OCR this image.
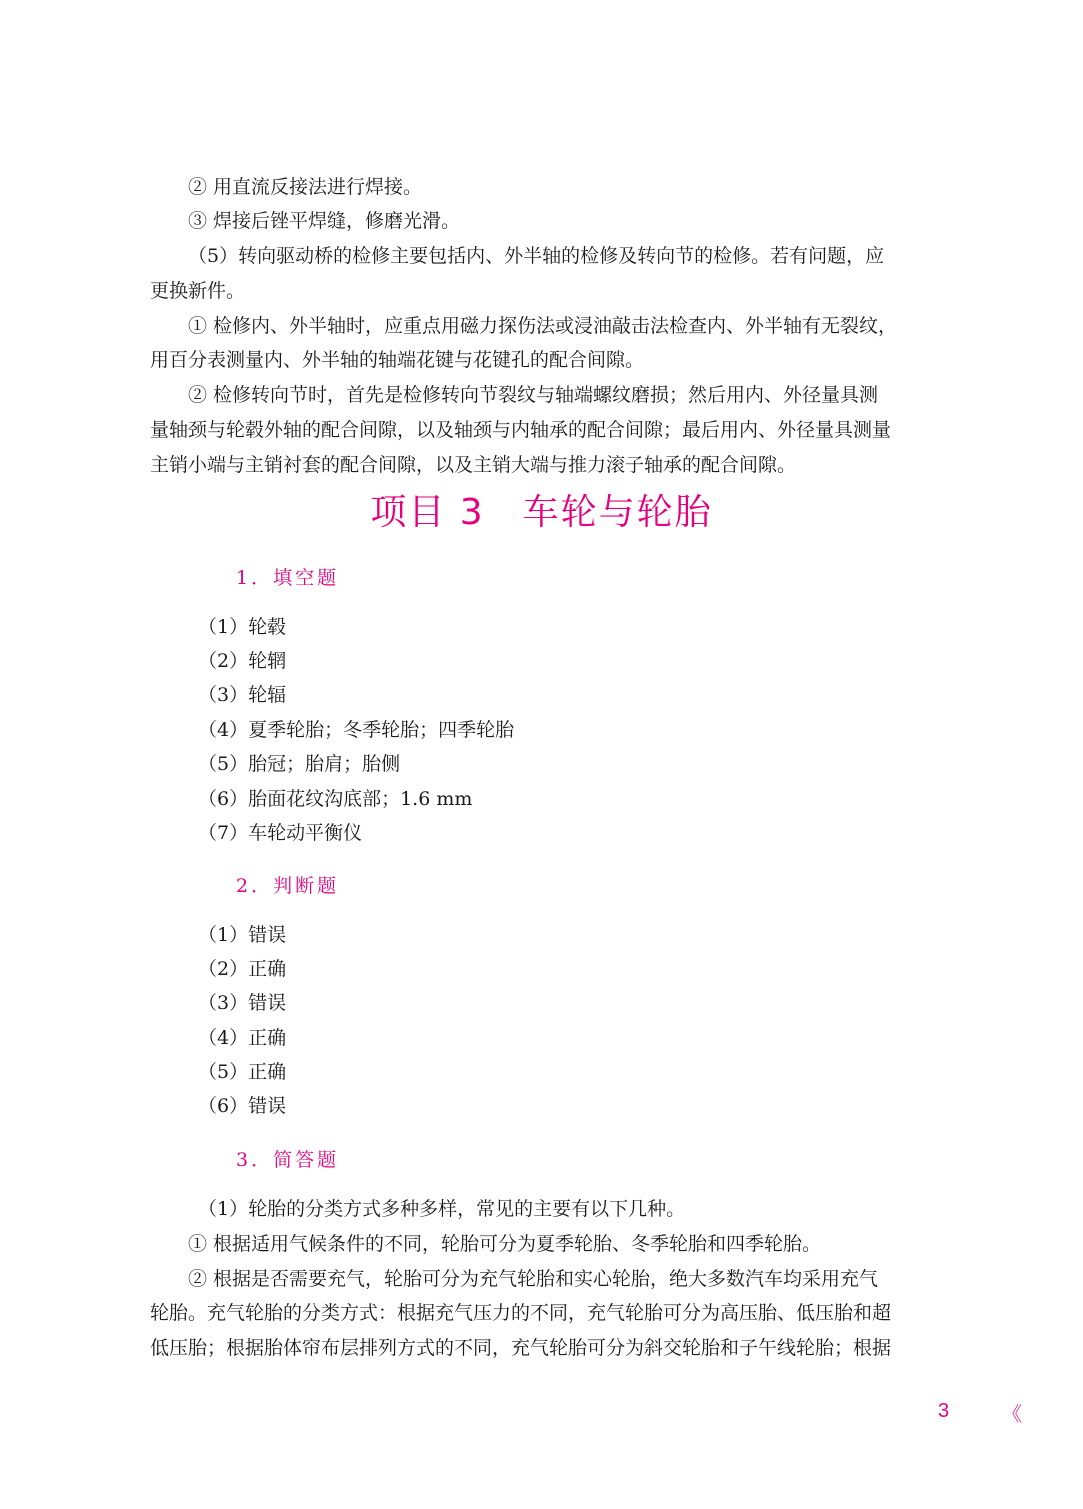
② 用直流反接法进行焊接。
③ 焊接后锉平焊缝，修磨光滑。
（5）转向驱动桥的检修主要包括内、外半轴的检修及转向节的检修。若有问题，应
更换新件。
① 检修内、外半轴时，应重点用磁力探伤法或浸油敲击法检查内、外半轴有无裂纹，
用百分表测量内、外半轴的轴端花键与花键孔的配合间隙。
② 检修转向节时，首先是检修转向节裂纹与轴端螺纹磨损；然后用内、外径量具测
量轴颈与轮毂外轴的配合间隙，以及轴颈与内轴承的配合间隙；最后用内、外径量具测量
主销小端与主销衬套的配合间隙，以及主销大端与推力滚子轴承的配合间隙。
项目 3　车轮与轮胎
1．填空题
（1）轮毂
（2）轮辋
（3）轮辐
（4）夏季轮胎；冬季轮胎；四季轮胎
（5）胎冠；胎肩；胎侧
（6）胎面花纹沟底部；1.6 mm
（7）车轮动平衡仪
2．判断题
（1）错误
（2）正确
（3）错误
（4）正确
（5）正确
（6）错误
3．简答题
（1）轮胎的分类方式多种多样，常见的主要有以下几种。
① 根据适用气候条件的不同，轮胎可分为夏季轮胎、冬季轮胎和四季轮胎。
② 根据是否需要充气，轮胎可分为充气轮胎和实心轮胎，绝大多数汽车均采用充气
轮胎。充气轮胎的分类方式：根据充气压力的不同，充气轮胎可分为高压胎、低压胎和超
低压胎；根据胎体帘布层排列方式的不同，充气轮胎可分为斜交轮胎和子午线轮胎；根据
3	《
